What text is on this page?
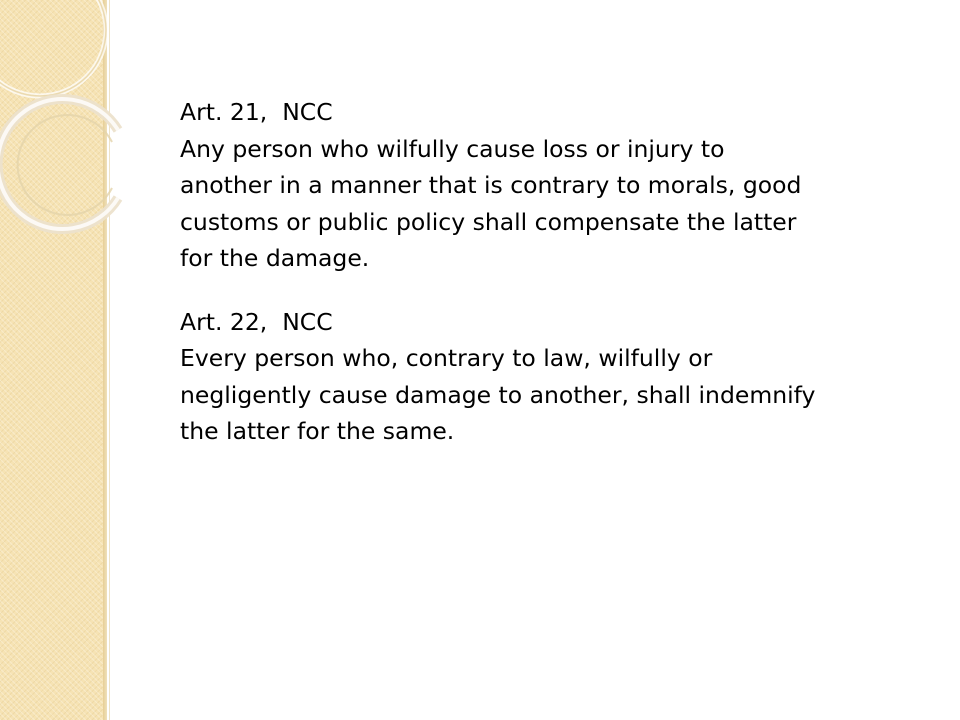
Art. 21,  NCC
Any person who wilfully cause loss or injury to another in a manner that is contrary to morals, good customs or public policy shall compensate the latter for the damage.
Art. 22,  NCC
Every person who, contrary to law, wilfully or negligently cause damage to another, shall indemnify the latter for the same.
